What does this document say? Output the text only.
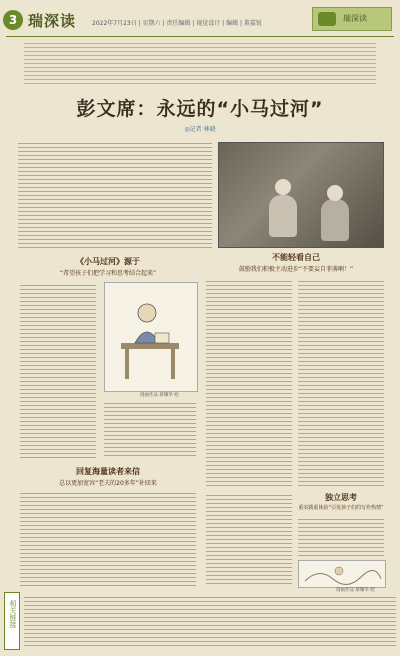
3 瑞深读	2022年7月23日 | 星期六 | 责任编辑 | 视觉设计 | 编辑 | 董嘉锐
瑞深读
彭文席：永远的“小马过河”
◎记者 林晓
《小马过河》源于
“希望孩子们把学习和思考结合起来”
漫画作品 蔡耀华 绘
回复海量读者来信
总以更加宽容“老夫的20多年”补回来
不能轻看自己
鼓励我们积极主动进步“不要妄自菲薄啊！”
独立思考
重实践重体验“引发孩子们的写作热情”
漫画作品 蔡耀华 绘
相关链接
